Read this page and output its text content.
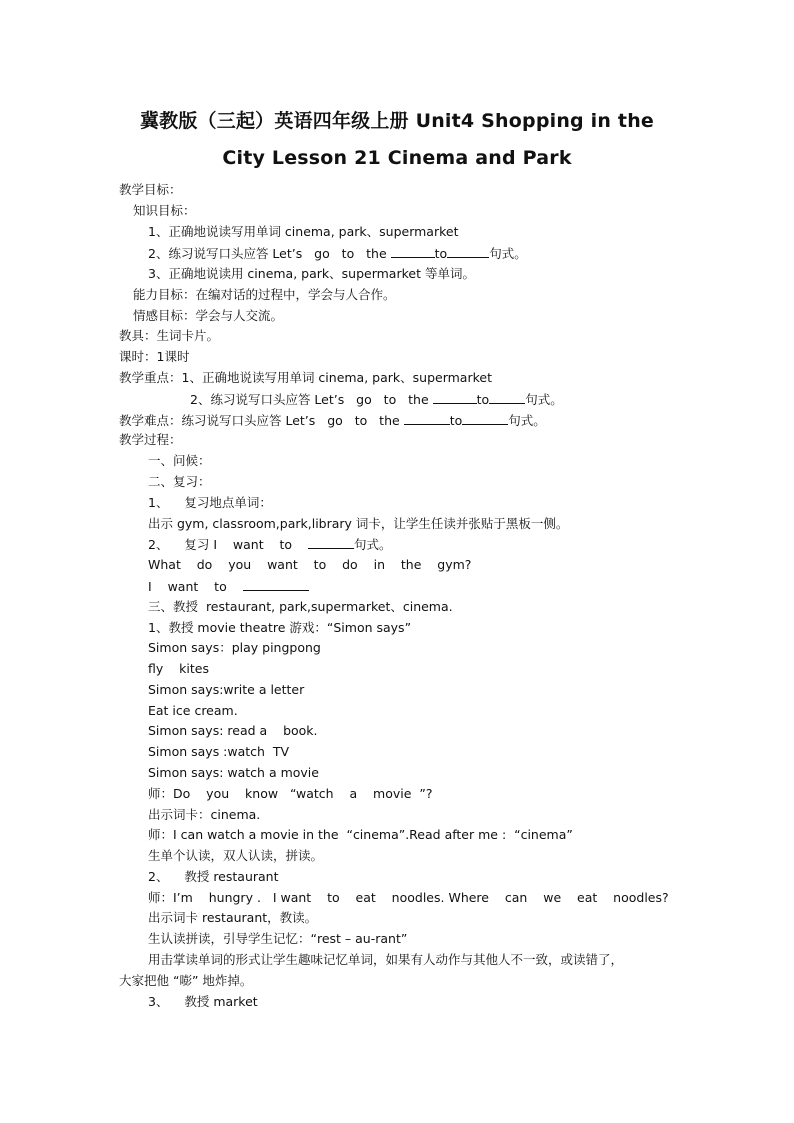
冀教版（三起）英语四年级上册 Unit4 Shopping in the
City Lesson 21 Cinema and Park
教学目标：
知识目标：
1、正确地说读写用单词 cinema, park、supermarket
2、练习说写口头应答 Let’s   go   to   the	to	句式。
3、正确地说读用 cinema, park、supermarket 等单词。
能力目标：在编对话的过程中，学会与人合作。
情感目标：学会与人交流。
教具：生词卡片。
课时：1课时
教学重点：1、正确地说读写用单词 cinema, park、supermarket
2、练习说写口头应答 Let’s   go   to   the	to	句式。
教学难点：练习说写口头应答 Let’s   go   to   the	to	句式。
教学过程：
一、问候：
二、复习：
1、    复习地点单词：
出示 gym, classroom,park,library 词卡，让学生任读并张贴于黑板一侧。
2、    复习 I    want    to	句式。
What    do    you    want    to    do    in    the    gym?
I    want    to
三、教授  restaurant, park,supermarket、cinema.
1、教授 movie theatre 游戏：“Simon says”
Simon says：play pingpong
fly    kites
Simon says:write a letter
Eat ice cream.
Simon says: read a    book.
Simon says :watch  TV
Simon says: watch a movie
师：Do    you    know   “watch    a    movie  ”?
出示词卡：cinema.
师：I can watch a movie in the  “cinema”.Read after me :  “cinema”
生单个认读，双人认读，拼读。
2、    教授 restaurant
师：I’m    hungry .   I want    to    eat    noodles. Where    can    we    eat    noodles?
出示词卡 restaurant，教读。
生认读拼读，引导学生记忆：“rest – au-rant”
用击掌读单词的形式让学生趣味记忆单词，如果有人动作与其他人不一致，或读错了，
大家把他 “嘭” 地炸掉。
3、    教授 market
